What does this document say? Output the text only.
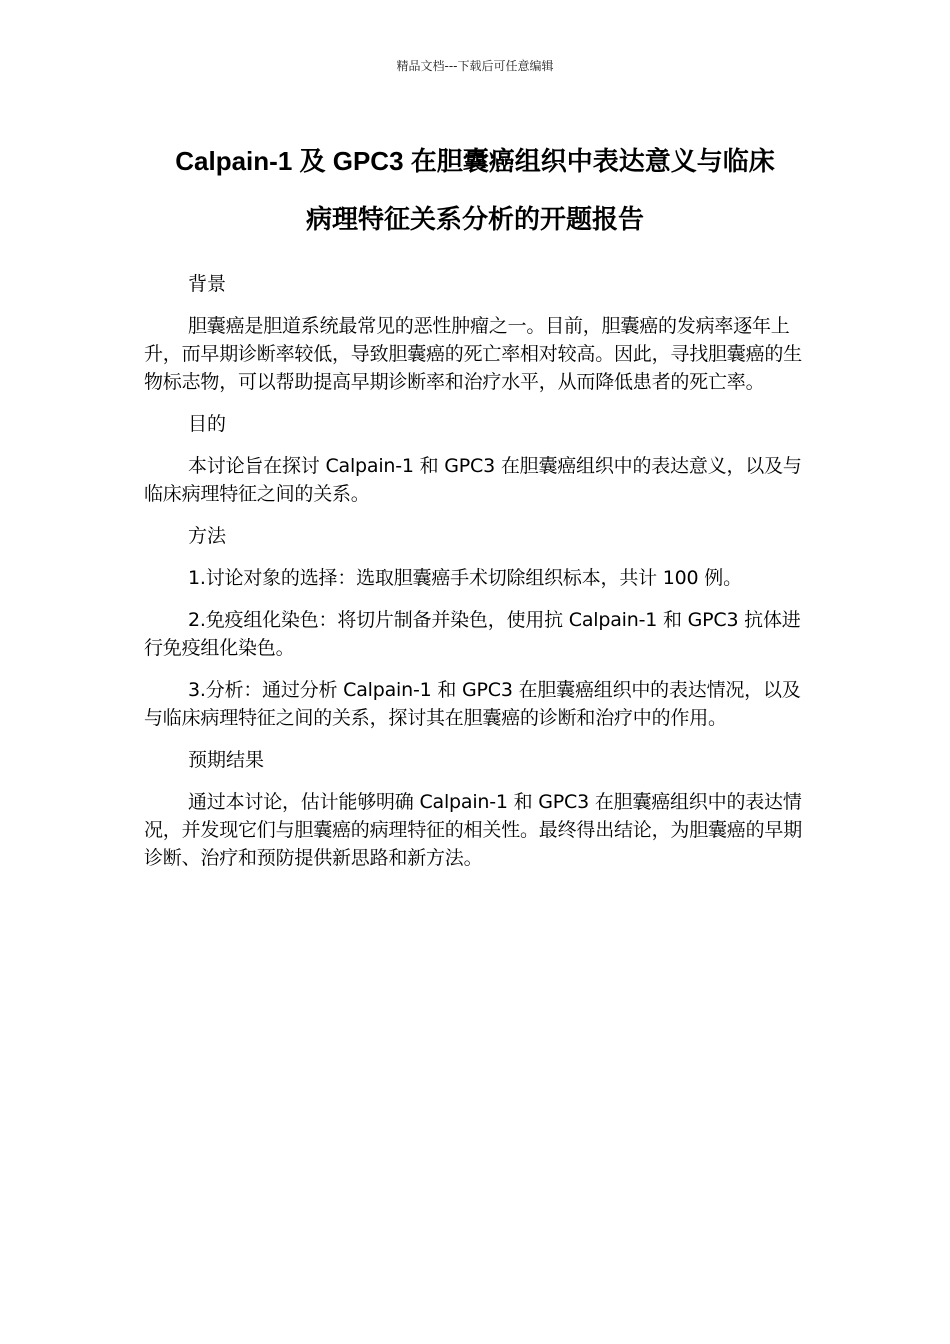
精品文档---下载后可任意编辑
Calpain-1 及 GPC3 在胆囊癌组织中表达意义与临床
病理特征关系分析的开题报告

背景

胆囊癌是胆道系统最常见的恶性肿瘤之一。目前，胆囊癌的发病率逐年上升，而早期诊断率较低，导致胆囊癌的死亡率相对较高。因此，寻找胆囊癌的生物标志物，可以帮助提高早期诊断率和治疗水平，从而降低患者的死亡率。

目的

本讨论旨在探讨 Calpain-1 和 GPC3 在胆囊癌组织中的表达意义，以及与临床病理特征之间的关系。

方法

1.讨论对象的选择：选取胆囊癌手术切除组织标本，共计 100 例。

2.免疫组化染色：将切片制备并染色，使用抗 Calpain-1 和 GPC3 抗体进行免疫组化染色。

3.分析：通过分析 Calpain-1 和 GPC3 在胆囊癌组织中的表达情况，以及与临床病理特征之间的关系，探讨其在胆囊癌的诊断和治疗中的作用。

预期结果

通过本讨论，估计能够明确 Calpain-1 和 GPC3 在胆囊癌组织中的表达情况，并发现它们与胆囊癌的病理特征的相关性。最终得出结论，为胆囊癌的早期诊断、治疗和预防提供新思路和新方法。
